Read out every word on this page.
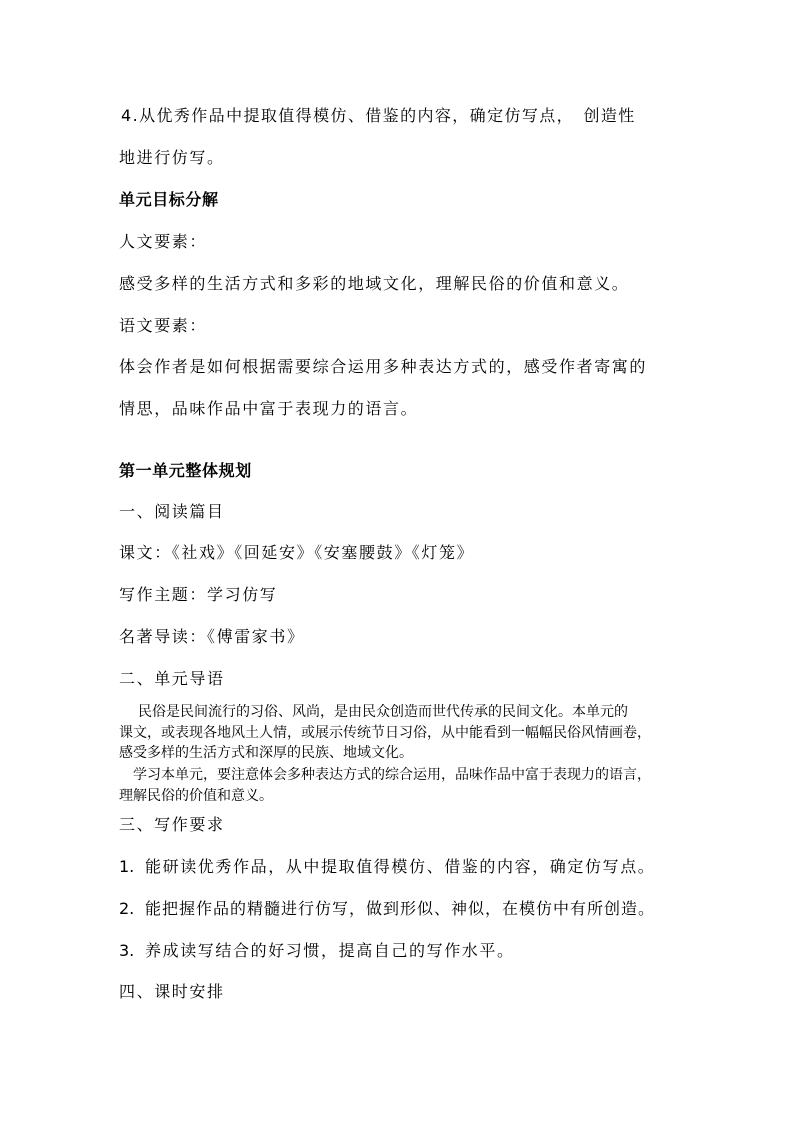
4.从优秀作品中提取值得模仿、借鉴的内容，确定仿写点，　创造性
地进行仿写。
单元目标分解
人文要素：
感受多样的生活方式和多彩的地域文化，理解民俗的价值和意义。
语文要素：
体会作者是如何根据需要综合运用多种表达方式的，感受作者寄寓的
情思，品味作品中富于表现力的语言。
第一单元整体规划
一、阅读篇目
课文：《社戏》《回延安》《安塞腰鼓》《灯笼》
写作主题：学习仿写
名著导读：《傅雷家书》
二、单元导语
民俗是民间流行的习俗、风尚，是由民众创造而世代传承的民间文化。本单元的
课文，或表现各地风土人情，或展示传统节日习俗，从中能看到一幅幅民俗风情画卷，
感受多样的生活方式和深厚的民族、地域文化。
学习本单元，要注意体会多种表达方式的综合运用，品味作品中富于表现力的语言，
理解民俗的价值和意义。
三、写作要求
1. 能研读优秀作品，从中提取值得模仿、借鉴的内容，确定仿写点。
2. 能把握作品的精髓进行仿写，做到形似、神似，在模仿中有所创造。
3. 养成读写结合的好习惯，提高自己的写作水平。
四、课时安排
